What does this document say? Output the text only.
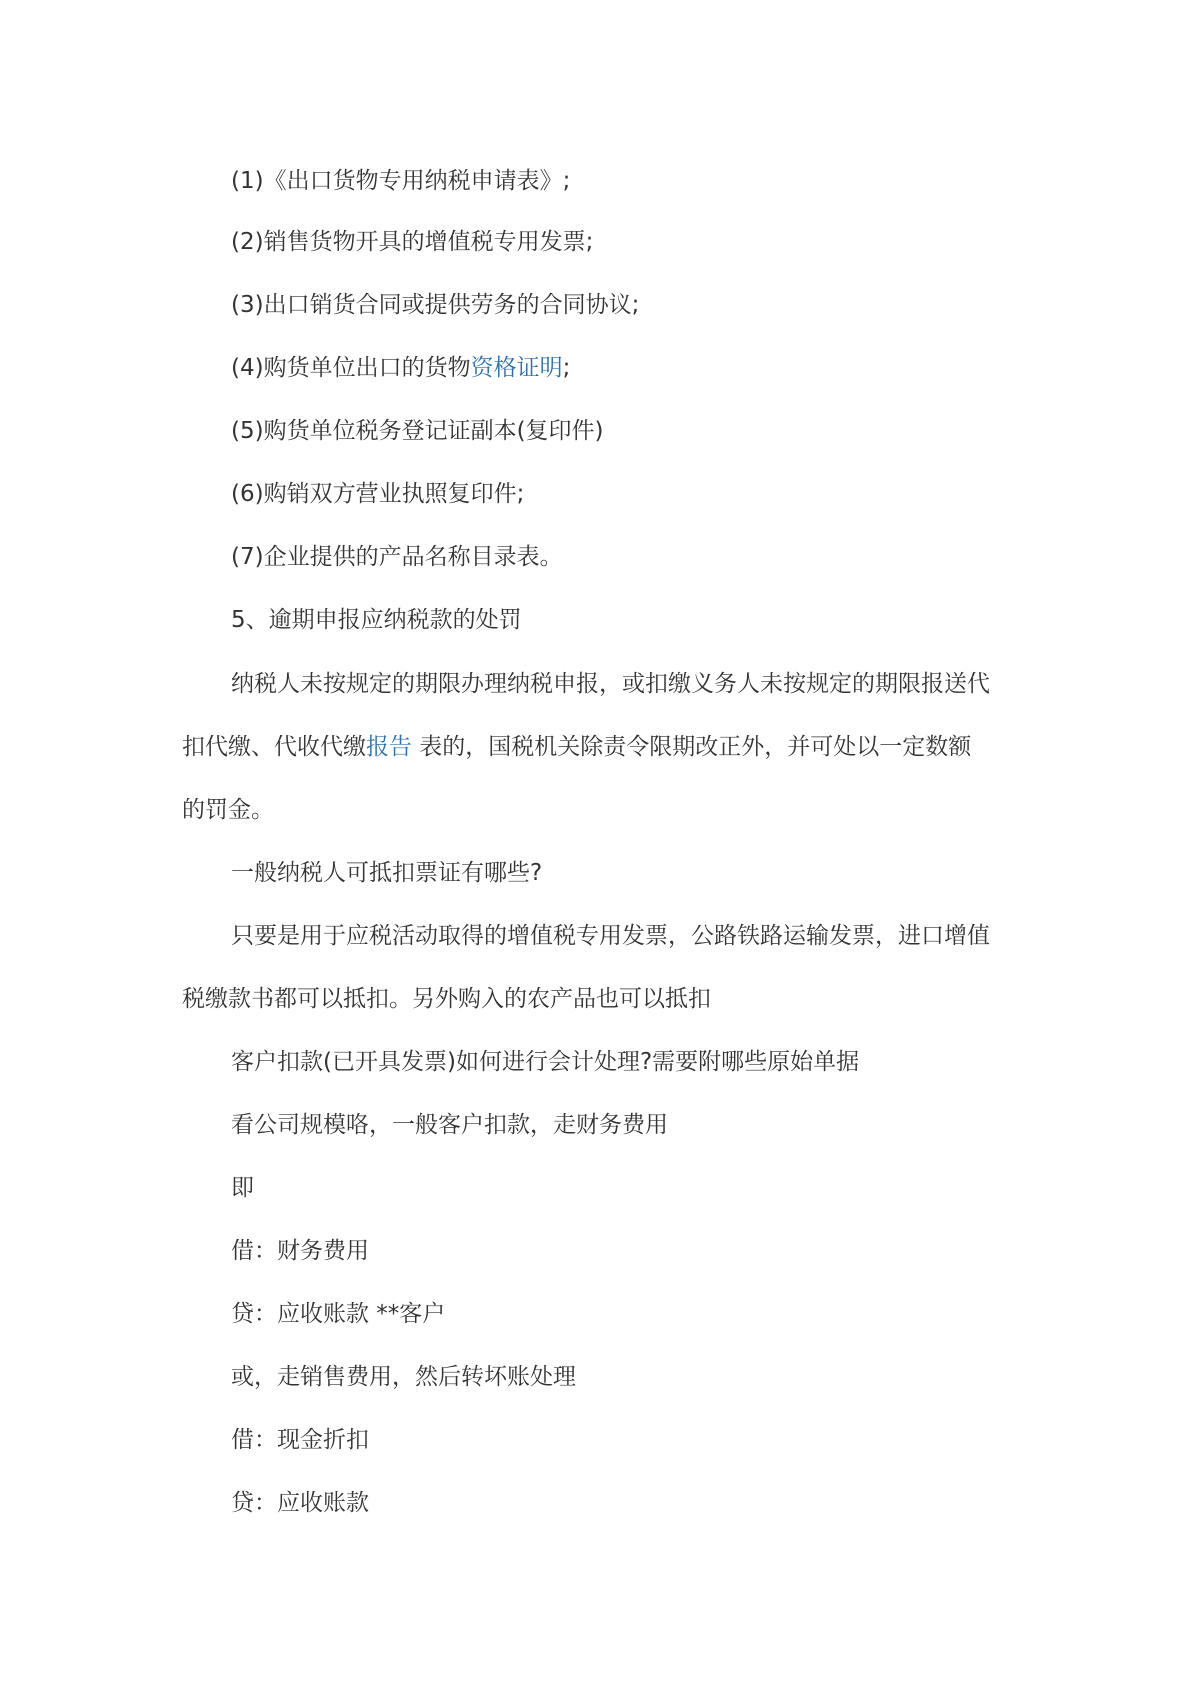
(1)《出口货物专用纳税申请表》;
(2)销售货物开具的增值税专用发票;
(3)出口销货合同或提供劳务的合同协议;
(4)购货单位出口的货物资格证明;
(5)购货单位税务登记证副本(复印件)
(6)购销双方营业执照复印件;
(7)企业提供的产品名称目录表。
5、逾期申报应纳税款的处罚
纳税人未按规定的期限办理纳税申报，或扣缴义务人未按规定的期限报送代
扣代缴、代收代缴报告 表的，国税机关除责令限期改正外，并可处以一定数额
的罚金。
一般纳税人可抵扣票证有哪些?
只要是用于应税活动取得的增值税专用发票，公路铁路运输发票，进口增值
税缴款书都可以抵扣。另外购入的农产品也可以抵扣
客户扣款(已开具发票)如何进行会计处理?需要附哪些原始单据
看公司规模咯，一般客户扣款，走财务费用
即
借：财务费用
贷：应收账款 **客户
或，走销售费用，然后转坏账处理
借：现金折扣
贷：应收账款
